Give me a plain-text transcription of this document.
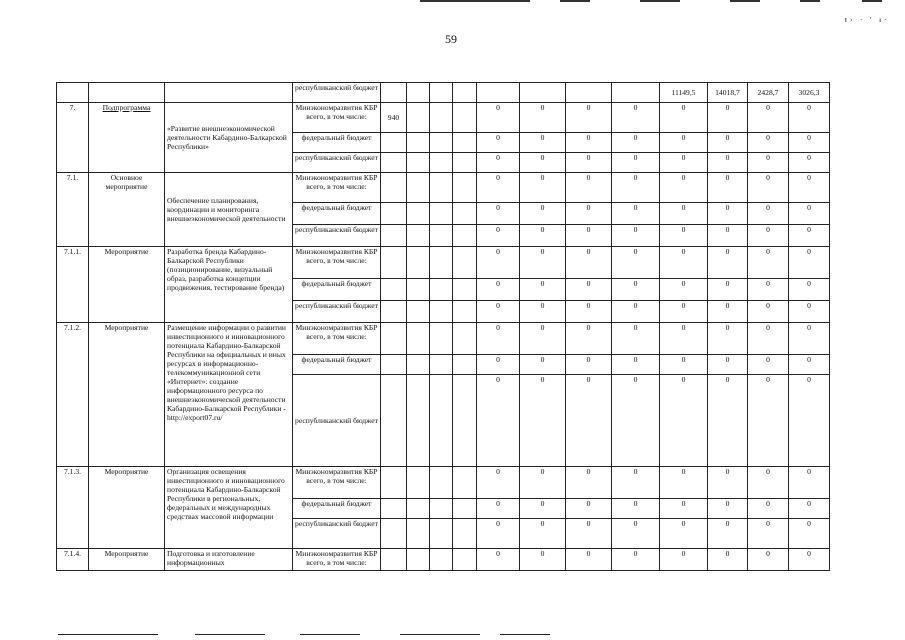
59
ŧ› · ' ᵻ·
			республиканский бюджет									11149,5	14018,7	2428,7	3026,3
7.	Подпрограмма	«Развитие внешнеэкономической деятельности Кабардино-Балкарской Республики»	Минэкономразвития КБР всего, в том числе:	940				0	0	0	0	0	0	0	0
			федеральный бюджет					0	0	0	0	0	0	0	0
			республиканский бюджет					0	0	0	0	0	0	0	0
7.1.	Основное мероприятие	Обеспечение планирования, координации и мониторинга внешнеэкономической деятельности	Минэкономразвития КБР всего, в том числе:					0	0	0	0	0	0	0	0
			федеральный бюджет					0	0	0	0	0	0	0	0
			республиканский бюджет					0	0	0	0	0	0	0	0
7.1.1.	Мероприятие	Разработка бренда Кабардино-Балкарской Республики (позиционирование, визуальный образ, разработка концепции продвижения, тестирование бренда)	Минэкономразвития КБР всего, в том числе:					0	0	0	0	0	0	0	0
			федеральный бюджет					0	0	0	0	0	0	0	0
			республиканский бюджет					0	0	0	0	0	0	0	0
7.1.2.	Мероприятие	Размещение информации о развитии инвестиционного и инновационного потенциала Кабардино-Балкарской Республики на официальных и иных ресурсах в информационно-телекоммуникационной сети «Интернет»: создание информационного ресурса по внешнеэкономической деятельности Кабардино-Балкарской Республики - http://export07.ru/	Минэкономразвития КБР всего, в том числе:					0	0	0	0	0	0	0	0
			федеральный бюджет					0	0	0	0	0	0	0	0
			республиканский бюджет					0	0	0	0	0	0	0	0
7.1.3.	Мероприятие	Организация освещения инвестиционного и инновационного потенциала Кабардино-Балкарской Республики в региональных, федеральных и международных средствах массовой информации	Минэкономразвития КБР всего, в том числе:					0	0	0	0	0	0	0	0
			федеральный бюджет					0	0	0	0	0	0	0	0
			республиканский бюджет					0	0	0	0	0	0	0	0
7.1.4.	Мероприятие	Подготовка и изготовление информационных	Минэкономразвития КБР всего, в том числе:					0	0	0	0	0	0	0	0
